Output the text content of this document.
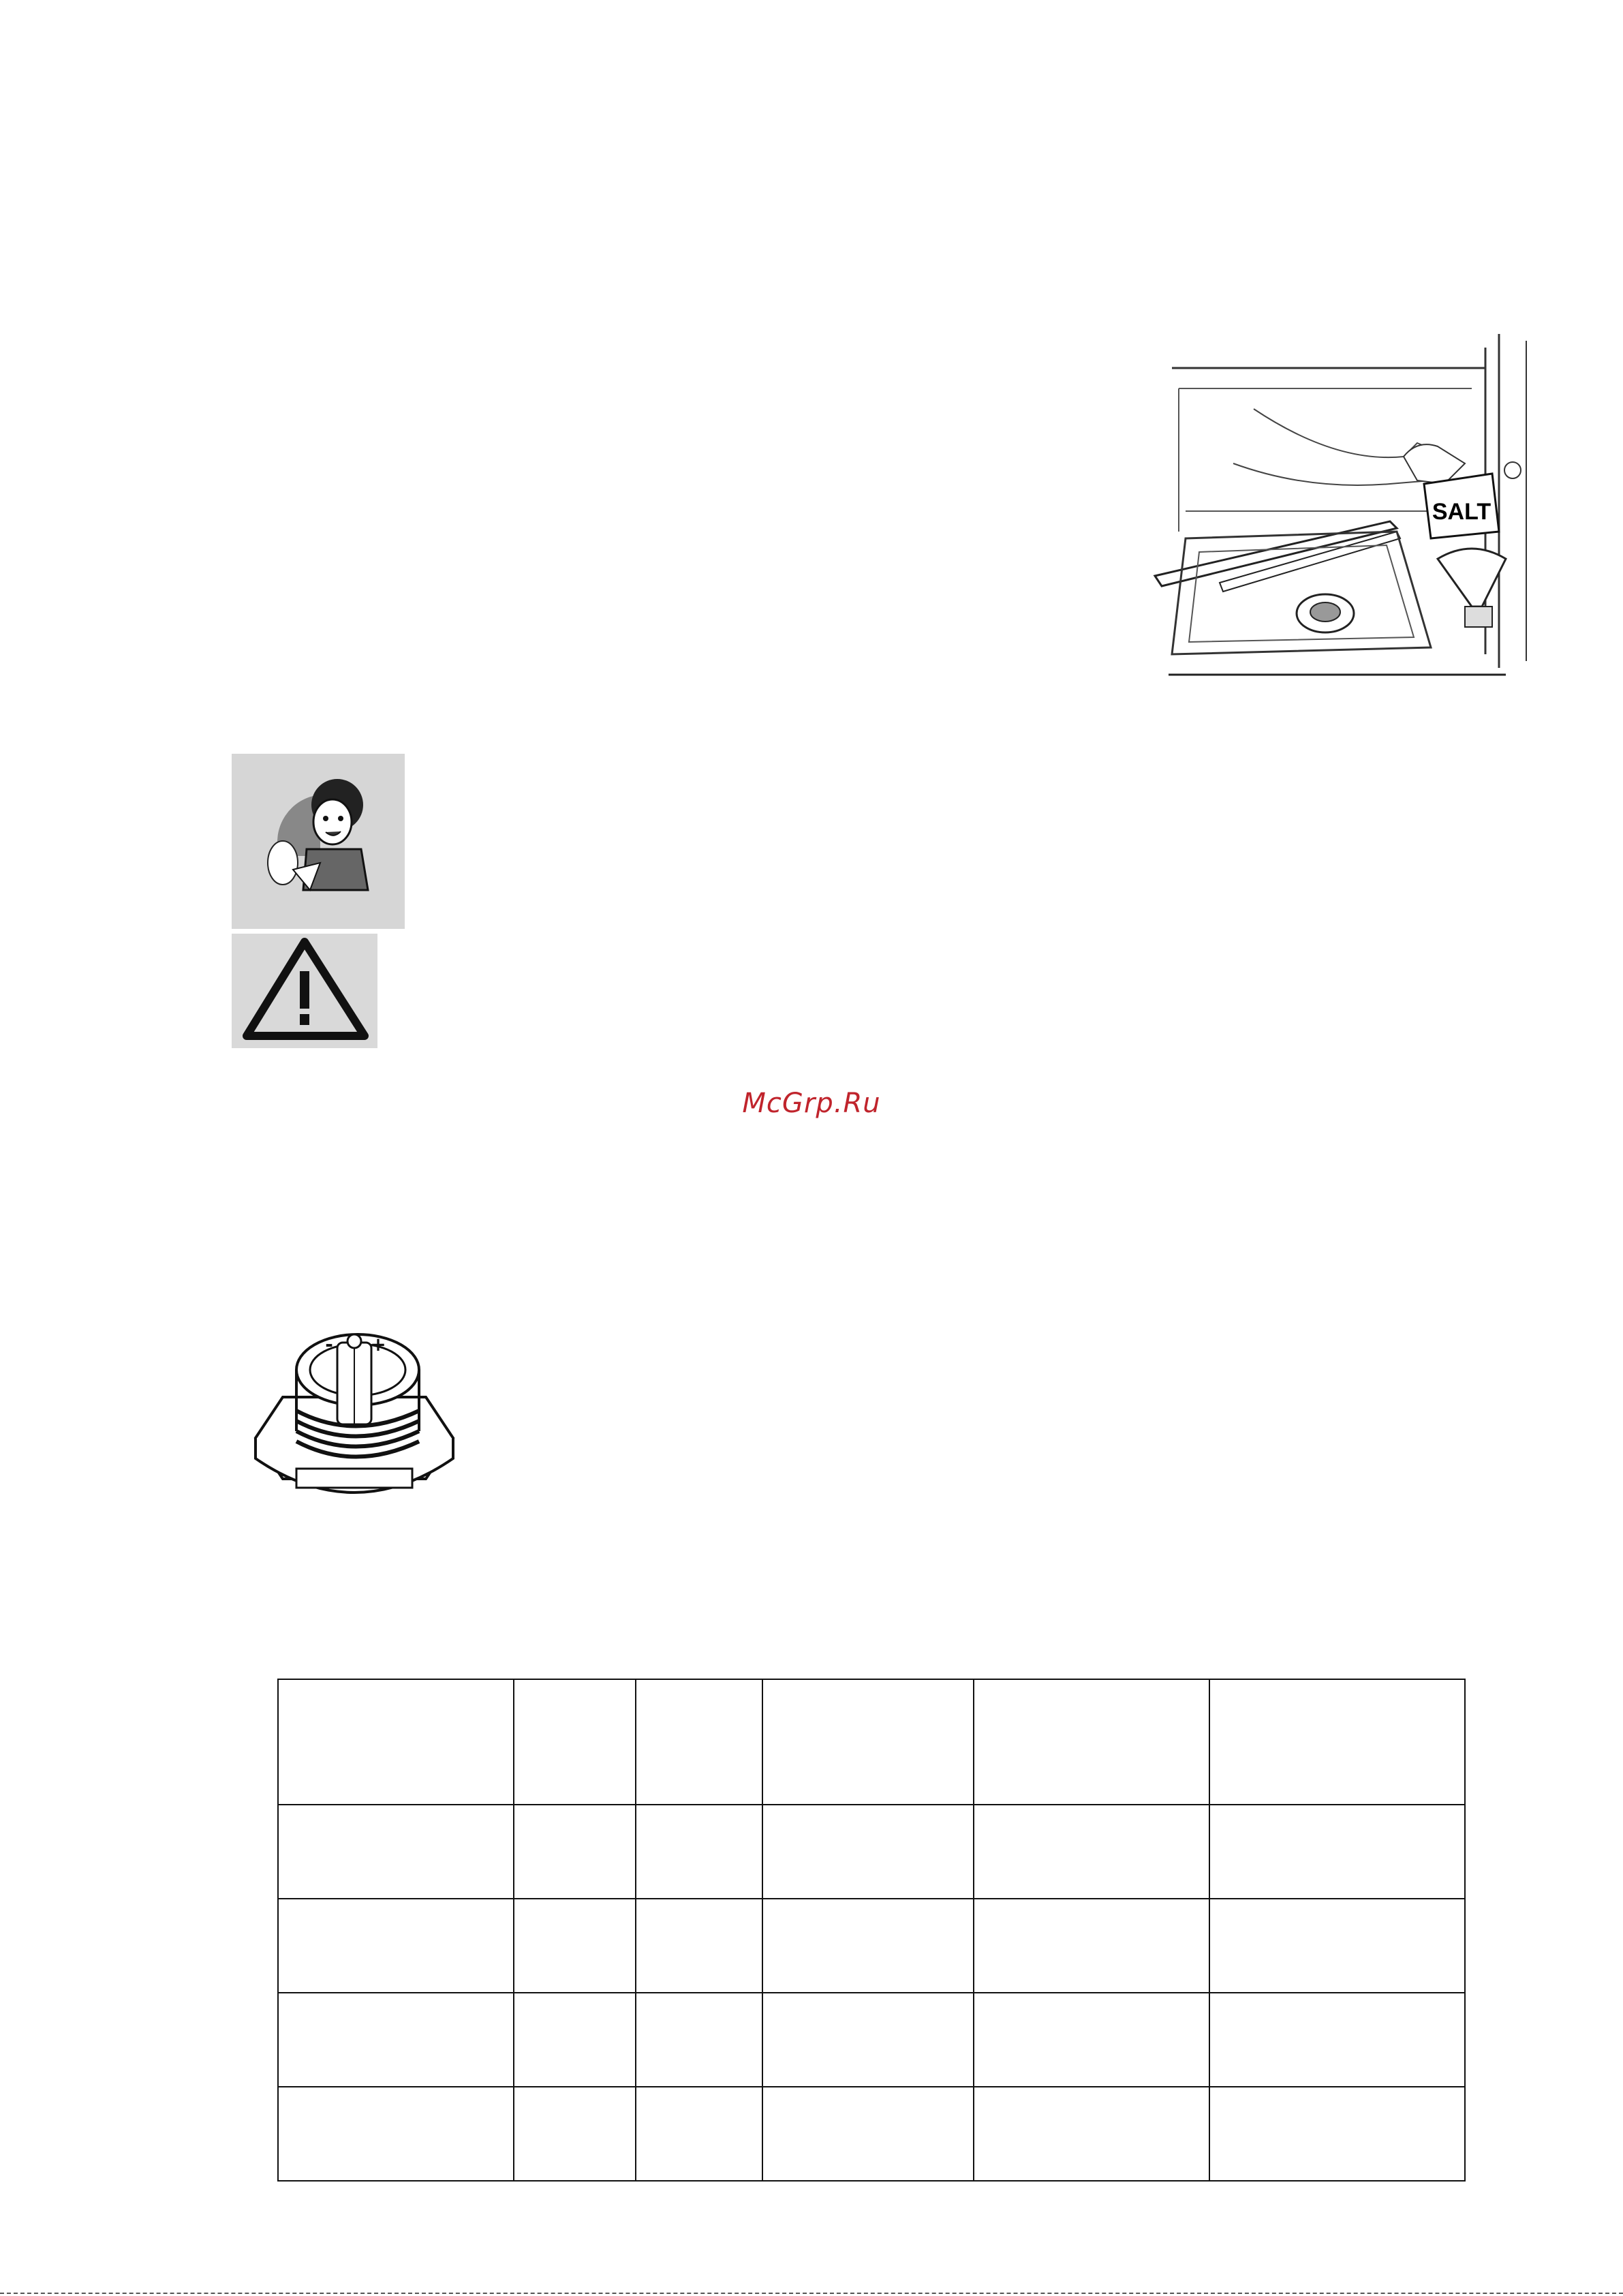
SALT
McGrp.Ru
- +
